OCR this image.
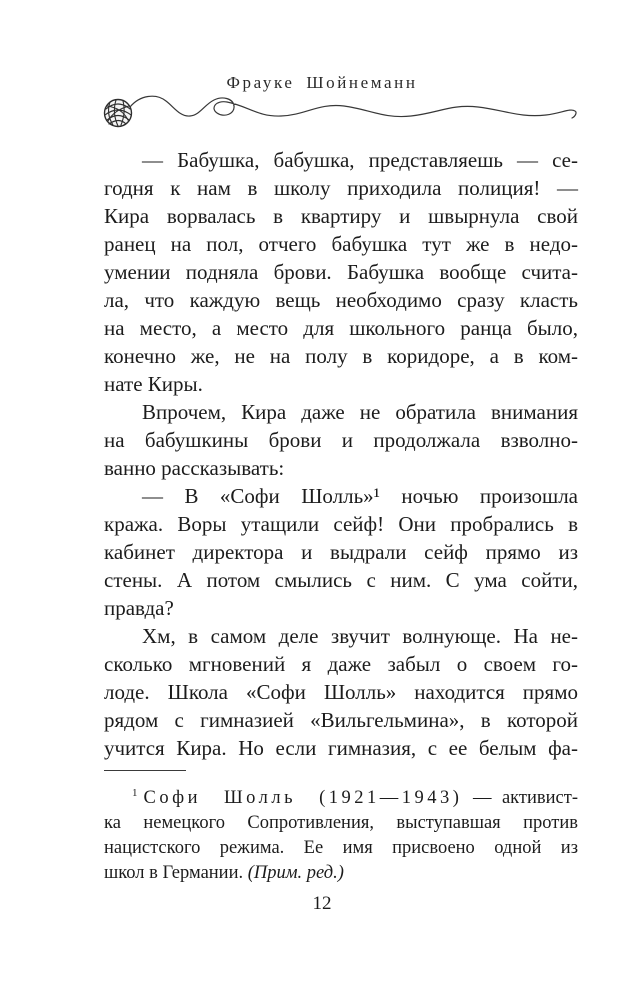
Фрауке Шойнеманн
— Бабушка, бабушка, представляешь — се-
годня к нам в школу приходила полиция! —
Кира ворвалась в квартиру и швырнула свой
ранец на пол, отчего бабушка тут же в недо-
умении подняла брови. Бабушка вообще счита-
ла, что каждую вещь необходимо сразу класть
на место, а место для школьного ранца было,
конечно же, не на полу в коридоре, а в ком-
нате Киры.
Впрочем, Кира даже не обратила внимания
на бабушкины брови и продолжала взволно-
ванно рассказывать:
— В «Софи Шолль»¹ ночью произошла
кража. Воры утащили сейф! Они пробрались в
кабинет директора и выдрали сейф прямо из
стены. А потом смылись с ним. С ума сойти,
правда?
Хм, в самом деле звучит волнующе. На не-
сколько мгновений я даже забыл о своем го-
лоде. Школа «Софи Шолль» находится прямо
рядом с гимназией «Вильгельмина», в которой
учится Кира. Но если гимназия, с ее белым фа-
$^1$ Софи Шолль (1921—1943) — активист-
ка немецкого Сопротивления, выступавшая против
нацистского режима. Ее имя присвоено одной из
школ в Германии. (Прим. ред.)
12
